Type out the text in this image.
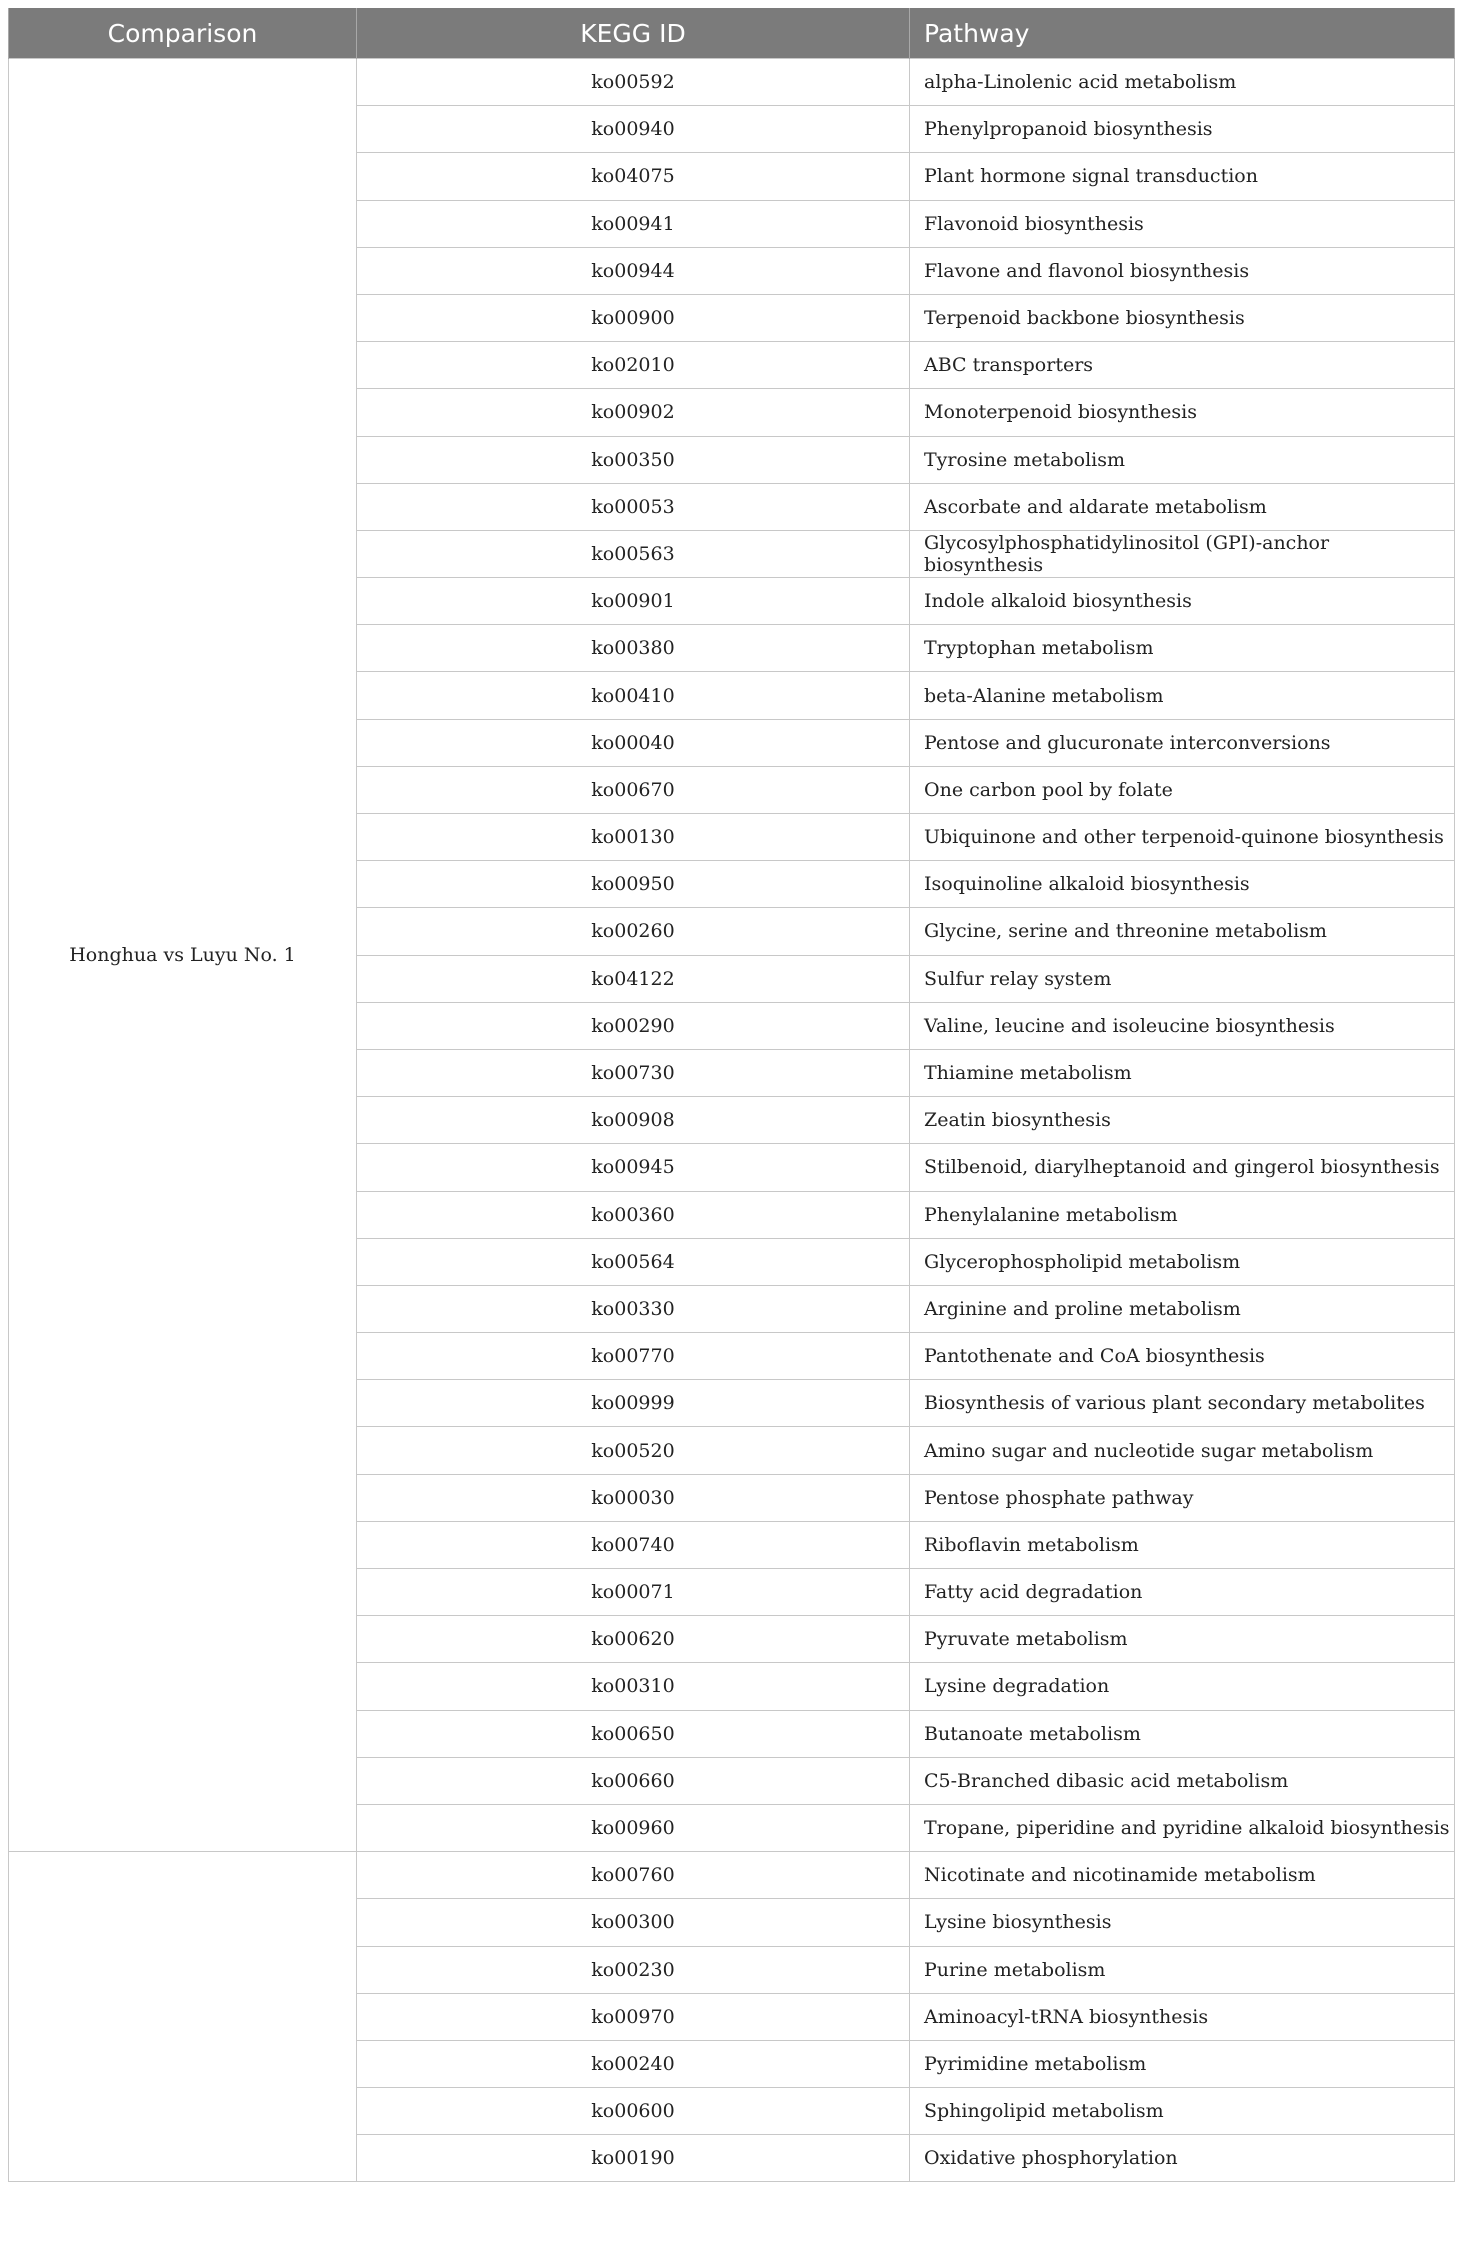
Comparison	KEGG ID	Pathway
Honghua vs Luyu No. 1	ko00592	alpha-Linolenic acid metabolism
	ko00940	Phenylpropanoid biosynthesis
	ko04075	Plant hormone signal transduction
	ko00941	Flavonoid biosynthesis
	ko00944	Flavone and flavonol biosynthesis
	ko00900	Terpenoid backbone biosynthesis
	ko02010	ABC transporters
	ko00902	Monoterpenoid biosynthesis
	ko00350	Tyrosine metabolism
	ko00053	Ascorbate and aldarate metabolism
	ko00563	Glycosylphosphatidylinositol (GPI)-anchor biosynthesis
	ko00901	Indole alkaloid biosynthesis
	ko00380	Tryptophan metabolism
	ko00410	beta-Alanine metabolism
	ko00040	Pentose and glucuronate interconversions
	ko00670	One carbon pool by folate
	ko00130	Ubiquinone and other terpenoid-quinone biosynthesis
	ko00950	Isoquinoline alkaloid biosynthesis
	ko00260	Glycine, serine and threonine metabolism
	ko04122	Sulfur relay system
	ko00290	Valine, leucine and isoleucine biosynthesis
	ko00730	Thiamine metabolism
	ko00908	Zeatin biosynthesis
	ko00945	Stilbenoid, diarylheptanoid and gingerol biosynthesis
	ko00360	Phenylalanine metabolism
	ko00564	Glycerophospholipid metabolism
	ko00330	Arginine and proline metabolism
	ko00770	Pantothenate and CoA biosynthesis
	ko00999	Biosynthesis of various plant secondary metabolites
	ko00520	Amino sugar and nucleotide sugar metabolism
	ko00030	Pentose phosphate pathway
	ko00740	Riboflavin metabolism
	ko00071	Fatty acid degradation
	ko00620	Pyruvate metabolism
	ko00310	Lysine degradation
	ko00650	Butanoate metabolism
	ko00660	C5-Branched dibasic acid metabolism
	ko00960	Tropane, piperidine and pyridine alkaloid biosynthesis
	ko00760	Nicotinate and nicotinamide metabolism
	ko00300	Lysine biosynthesis
	ko00230	Purine metabolism
	ko00970	Aminoacyl-tRNA biosynthesis
	ko00240	Pyrimidine metabolism
	ko00600	Sphingolipid metabolism
	ko00190	Oxidative phosphorylation
